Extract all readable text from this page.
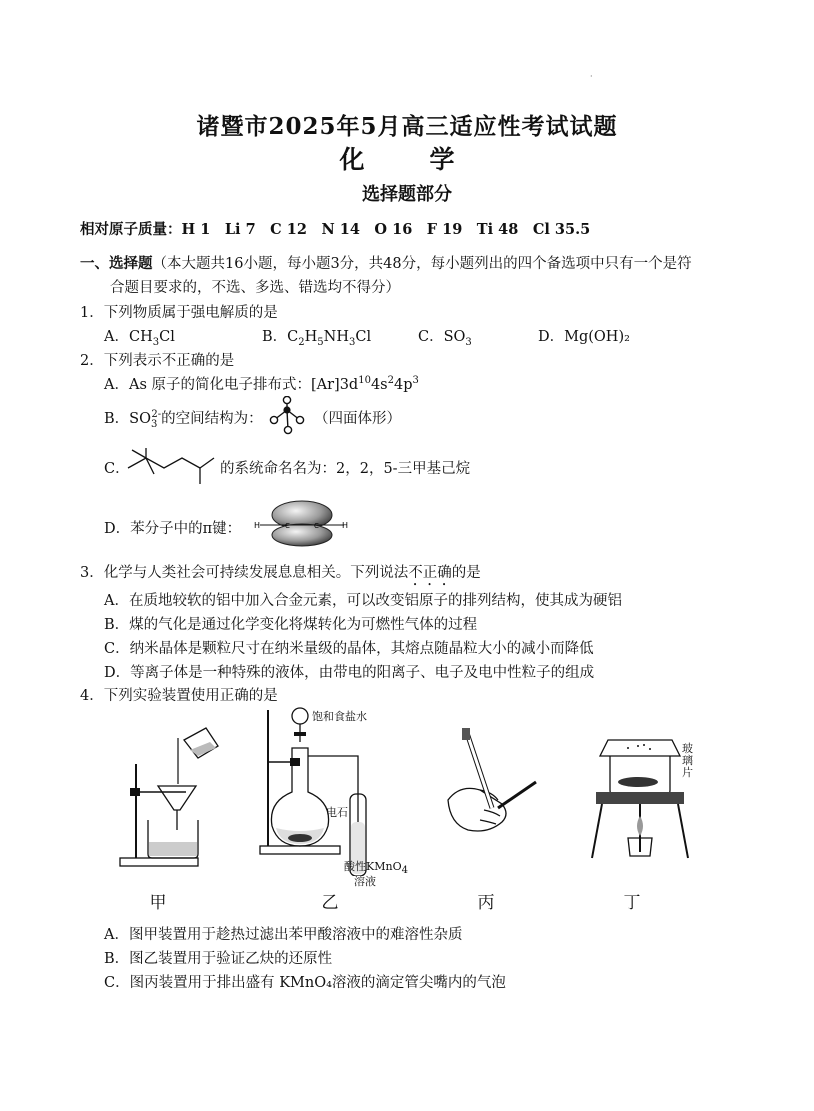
·
诸暨市2025年5月高三适应性考试试题
化　学
选择题部分
相对原子质量：H 1　Li 7　C 12　N 14　O 16　F 19　Ti 48　Cl 35.5
一、选择题（本大题共16小题，每小题3分，共48分，每小题列出的四个备选项中只有一个是符
合题目要求的，不选、多选、错选均不得分）
1．下列物质属于强电解质的是
A．$CH_3Cl$	B．$C_2H_5NH_3Cl$	C．$SO_3$	D．Mg(OH)₂
2．下列表示不正确的是
A．As 原子的简化电子排布式：$[Ar]3d^{10}4s^24p^3$
B．$SO_3^{2-}$的空间结构为：	（四面体形）
C．	的系统命名名为：2，2，5-三甲基己烷
D．苯分子中的π键： H	H
C	C
3．化学与人类社会可持续发展息息相关。下列说法不正确的是
A．在质地较软的铝中加入合金元素，可以改变铝原子的排列结构，使其成为硬铝
B．煤的气化是通过化学变化将煤转化为可燃性气体的过程
C．纳米晶体是颗粒尺寸在纳米量级的晶体，其熔点随晶粒大小的减小而降低
D．等离子体是一种特殊的液体，由带电的阳离子、电子及电中性粒子的组成
4．下列实验装置使用正确的是
甲
饱和食盐水
电石
酸性KMnO$_4$
溶液
乙	丙
玻
璃
片
丁
A．图甲装置用于趁热过滤出苯甲酸溶液中的难溶性杂质
B．图乙装置用于验证乙炔的还原性
C．图丙装置用于排出盛有 KMnO₄溶液的滴定管尖嘴内的气泡
